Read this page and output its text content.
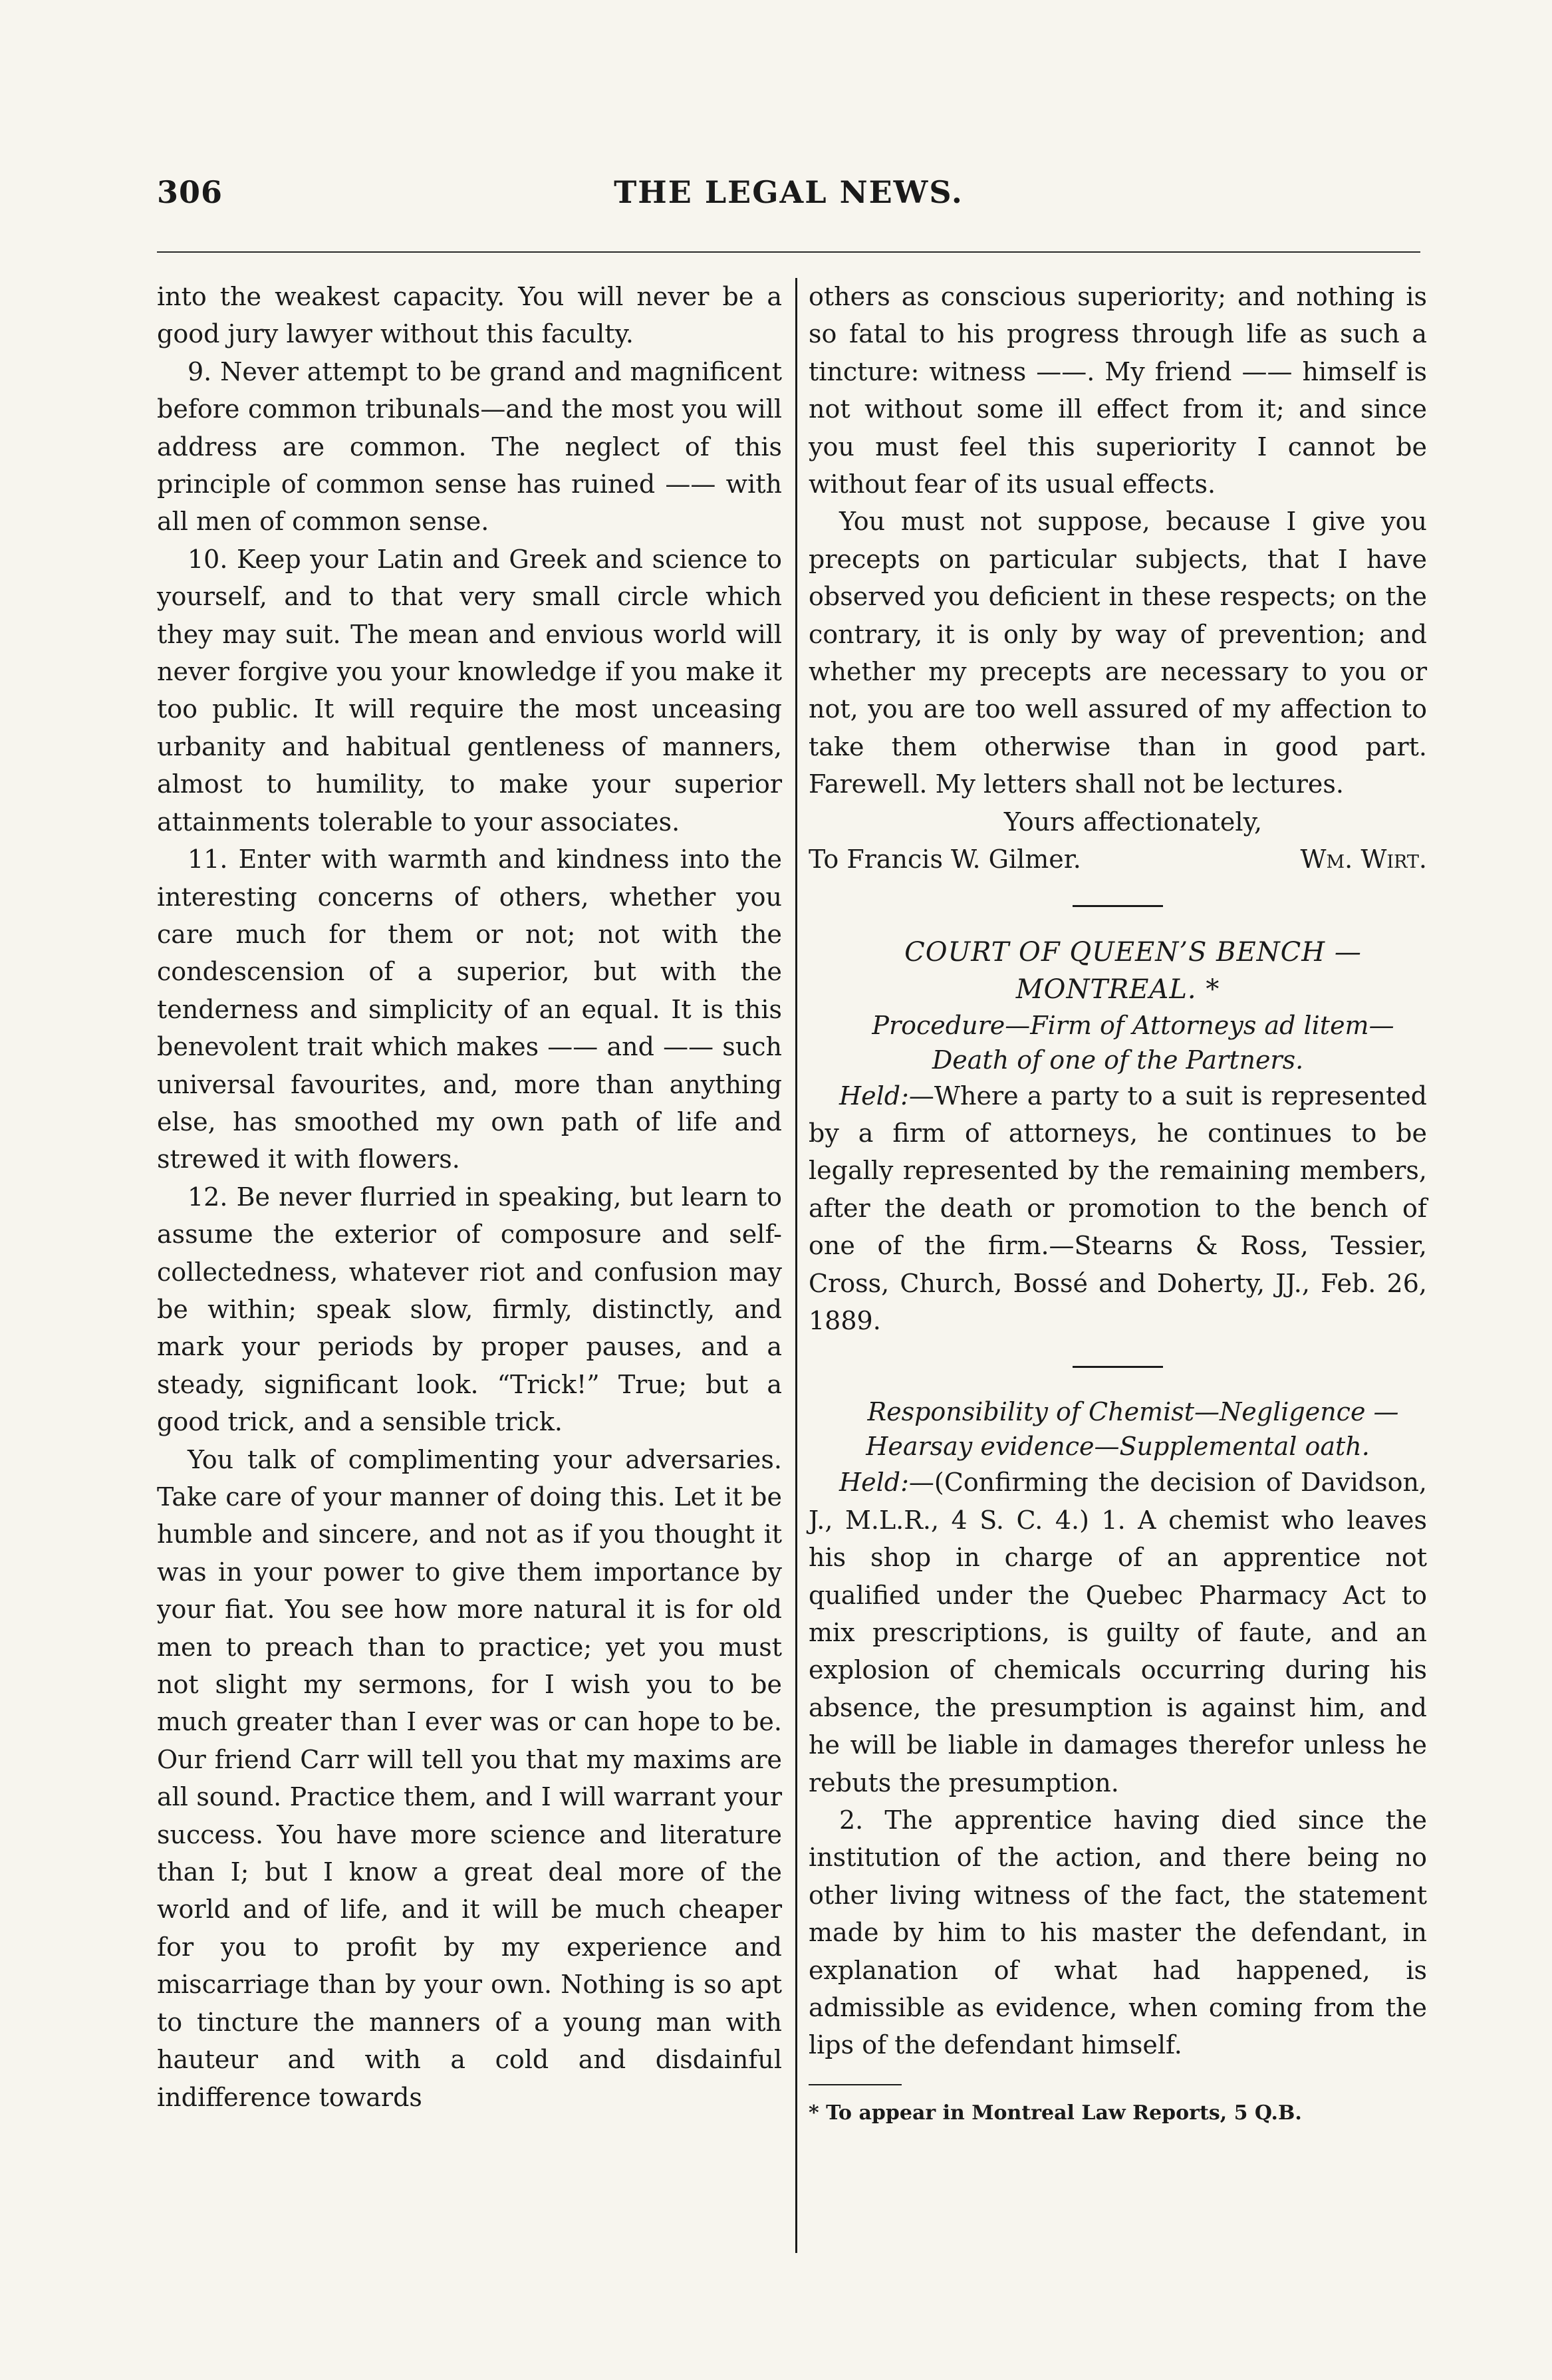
306	THE LEGAL NEWS.

into the weakest capacity. You will never be a good jury lawyer without this faculty.

9. Never attempt to be grand and magnificent before common tribunals—and the most you will address are common. The neglect of this principle of common sense has ruined —— with all men of common sense.

10. Keep your Latin and Greek and science to yourself, and to that very small circle which they may suit. The mean and envious world will never forgive you your knowledge if you make it too public. It will require the most unceasing urbanity and habitual gentleness of manners, almost to humility, to make your superior attainments tolerable to your associates.

11. Enter with warmth and kindness into the interesting concerns of others, whether you care much for them or not; not with the condescension of a superior, but with the tenderness and simplicity of an equal. It is this benevolent trait which makes —— and —— such universal favourites, and, more than anything else, has smoothed my own path of life and strewed it with flowers.

12. Be never flurried in speaking, but learn to assume the exterior of composure and self-collectedness, whatever riot and confusion may be within; speak slow, firmly, distinctly, and mark your periods by proper pauses, and a steady, significant look. “Trick!” True; but a good trick, and a sensible trick.

You talk of complimenting your adversaries. Take care of your manner of doing this. Let it be humble and sincere, and not as if you thought it was in your power to give them importance by your fiat. You see how more natural it is for old men to preach than to practice; yet you must not slight my sermons, for I wish you to be much greater than I ever was or can hope to be. Our friend Carr will tell you that my maxims are all sound. Practice them, and I will warrant your success. You have more science and literature than I; but I know a great deal more of the world and of life, and it will be much cheaper for you to profit by my experience and miscarriage than by your own. Nothing is so apt to tincture the manners of a young man with hauteur and with a cold and disdainful indifference towards

others as conscious superiority; and nothing is so fatal to his progress through life as such a tincture: witness ——. My friend —— himself is not without some ill effect from it; and since you must feel this superiority I cannot be without fear of its usual effects.

You must not suppose, because I give you precepts on particular subjects, that I have observed you deficient in these respects; on the contrary, it is only by way of prevention; and whether my precepts are necessary to you or not, you are too well assured of my affection to take them otherwise than in good part. Farewell. My letters shall not be lectures.

Yours affectionately,

To Francis W. Gilmer.	Wm. Wirt.

COURT OF QUEEN’S BENCH — MONTREAL. *

Procedure—Firm of Attorneys ad litem—Death of one of the Partners.

Held:—Where a party to a suit is represented by a firm of attorneys, he continues to be legally represented by the remaining members, after the death or promotion to the bench of one of the firm.—Stearns & Ross, Tessier, Cross, Church, Bossé and Doherty, JJ., Feb. 26, 1889.

Responsibility of Chemist—Negligence — Hearsay evidence—Supplemental oath.

Held:—(Confirming the decision of Davidson, J., M.L.R., 4 S. C. 4.) 1. A chemist who leaves his shop in charge of an apprentice not qualified under the Quebec Pharmacy Act to mix prescriptions, is guilty of faute, and an explosion of chemicals occurring during his absence, the presumption is against him, and he will be liable in damages therefor unless he rebuts the presumption.

2. The apprentice having died since the institution of the action, and there being no other living witness of the fact, the statement made by him to his master the defendant, in explanation of what had happened, is admissible as evidence, when coming from the lips of the defendant himself.

* To appear in Montreal Law Reports, 5 Q.B.
